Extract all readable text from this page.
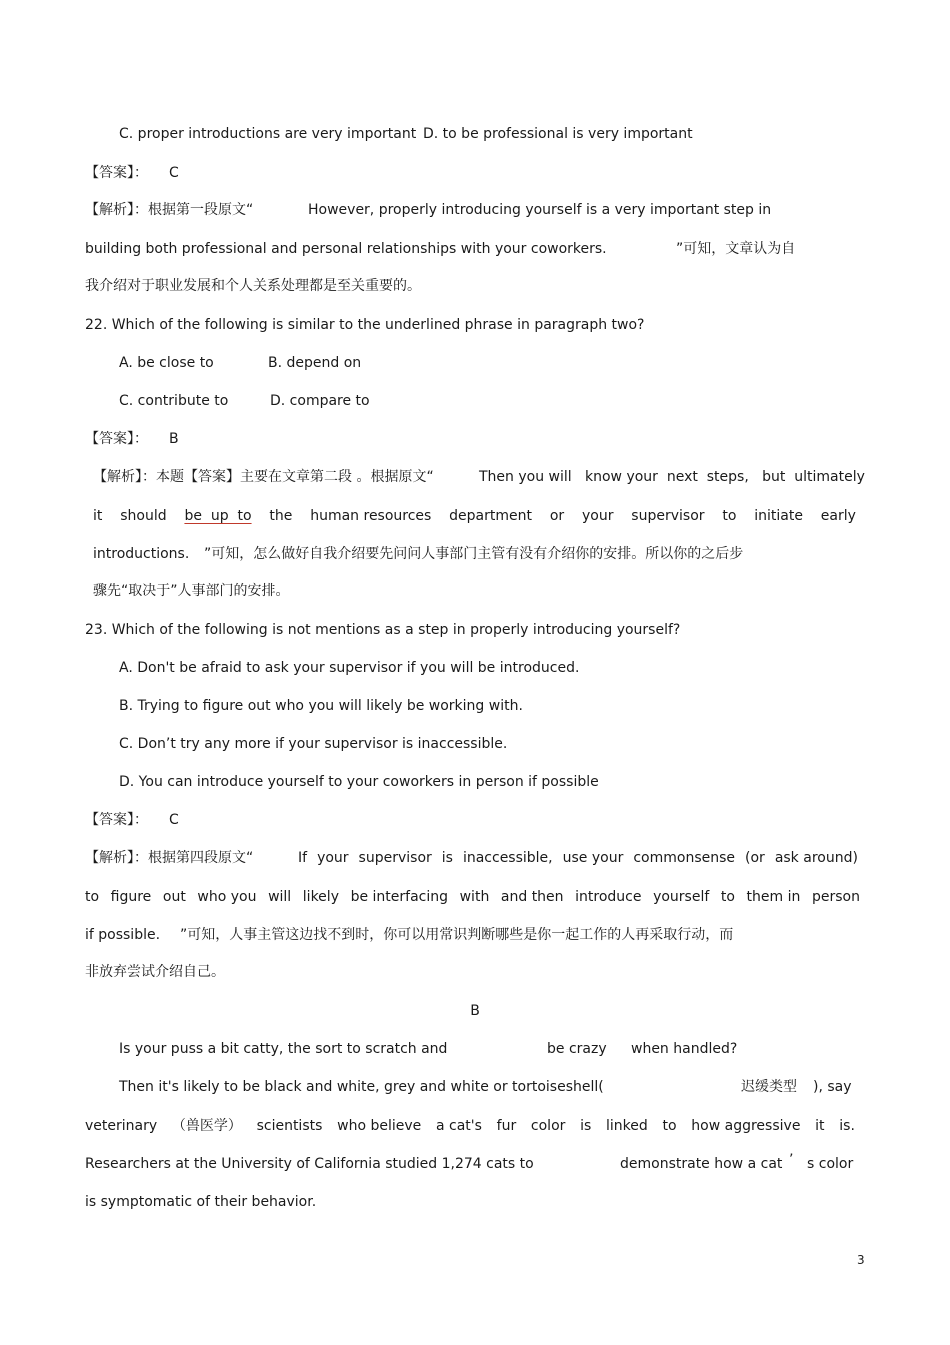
C. proper introductions are very important D. to be professional is very important
【答案】： C
【解析】：根据第一段原文“	However, properly introducing yourself is a very important step in
building both professional and personal relationships with your coworkers.	”可知，文章认为自
我介绍对于职业发展和个人关系处理都是至关重要的。
22. Which of the following is similar to the underlined phrase in paragraph two?
A. be close to	B. depend on
C. contribute to	D. compare to
【答案】： B
【解析】：本题【答案】主要在文章第二段 。根据原文“	Then you will   know your  next  steps,   but  ultimately
it should be  up  to the human resources department or your supervisor to initiate early
introductions. ”可知，怎么做好自我介绍要先问问人事部门主管有没有介绍你的安排。所以你的之后步
骤先“取决于”人事部门的安排。
23. Which of the following is not mentions as a step in properly introducing yourself?
A. Don't be afraid to ask your supervisor if you will be introduced.
B. Trying to figure out who you will likely be working with.
C. Don’t try any more if your supervisor is inaccessible.
D. You can introduce yourself to your coworkers in person if possible
【答案】： C
【解析】：根据第四段原文“	If your supervisor is inaccessible, use your commonsense (or ask around)
to figure out who you will likely be interfacing with and then introduce yourself to them in person
if possible. ”可知，人事主管这边找不到时，你可以用常识判断哪些是你一起工作的人再采取行动，而
非放弃尝试介绍自己。
B
Is your puss a bit catty, the sort to scratch and	be crazy when handled?
Then it's likely to be black and white, grey and white or tortoiseshell(	迟缓类型 ), say
veterinary （兽医学） scientists who believe a cat's fur color is linked to how aggressive it is.
Researchers at the University of California studied 1,274 cats to	demonstrate how a cat ’ s color
is symptomatic of their behavior.
3
